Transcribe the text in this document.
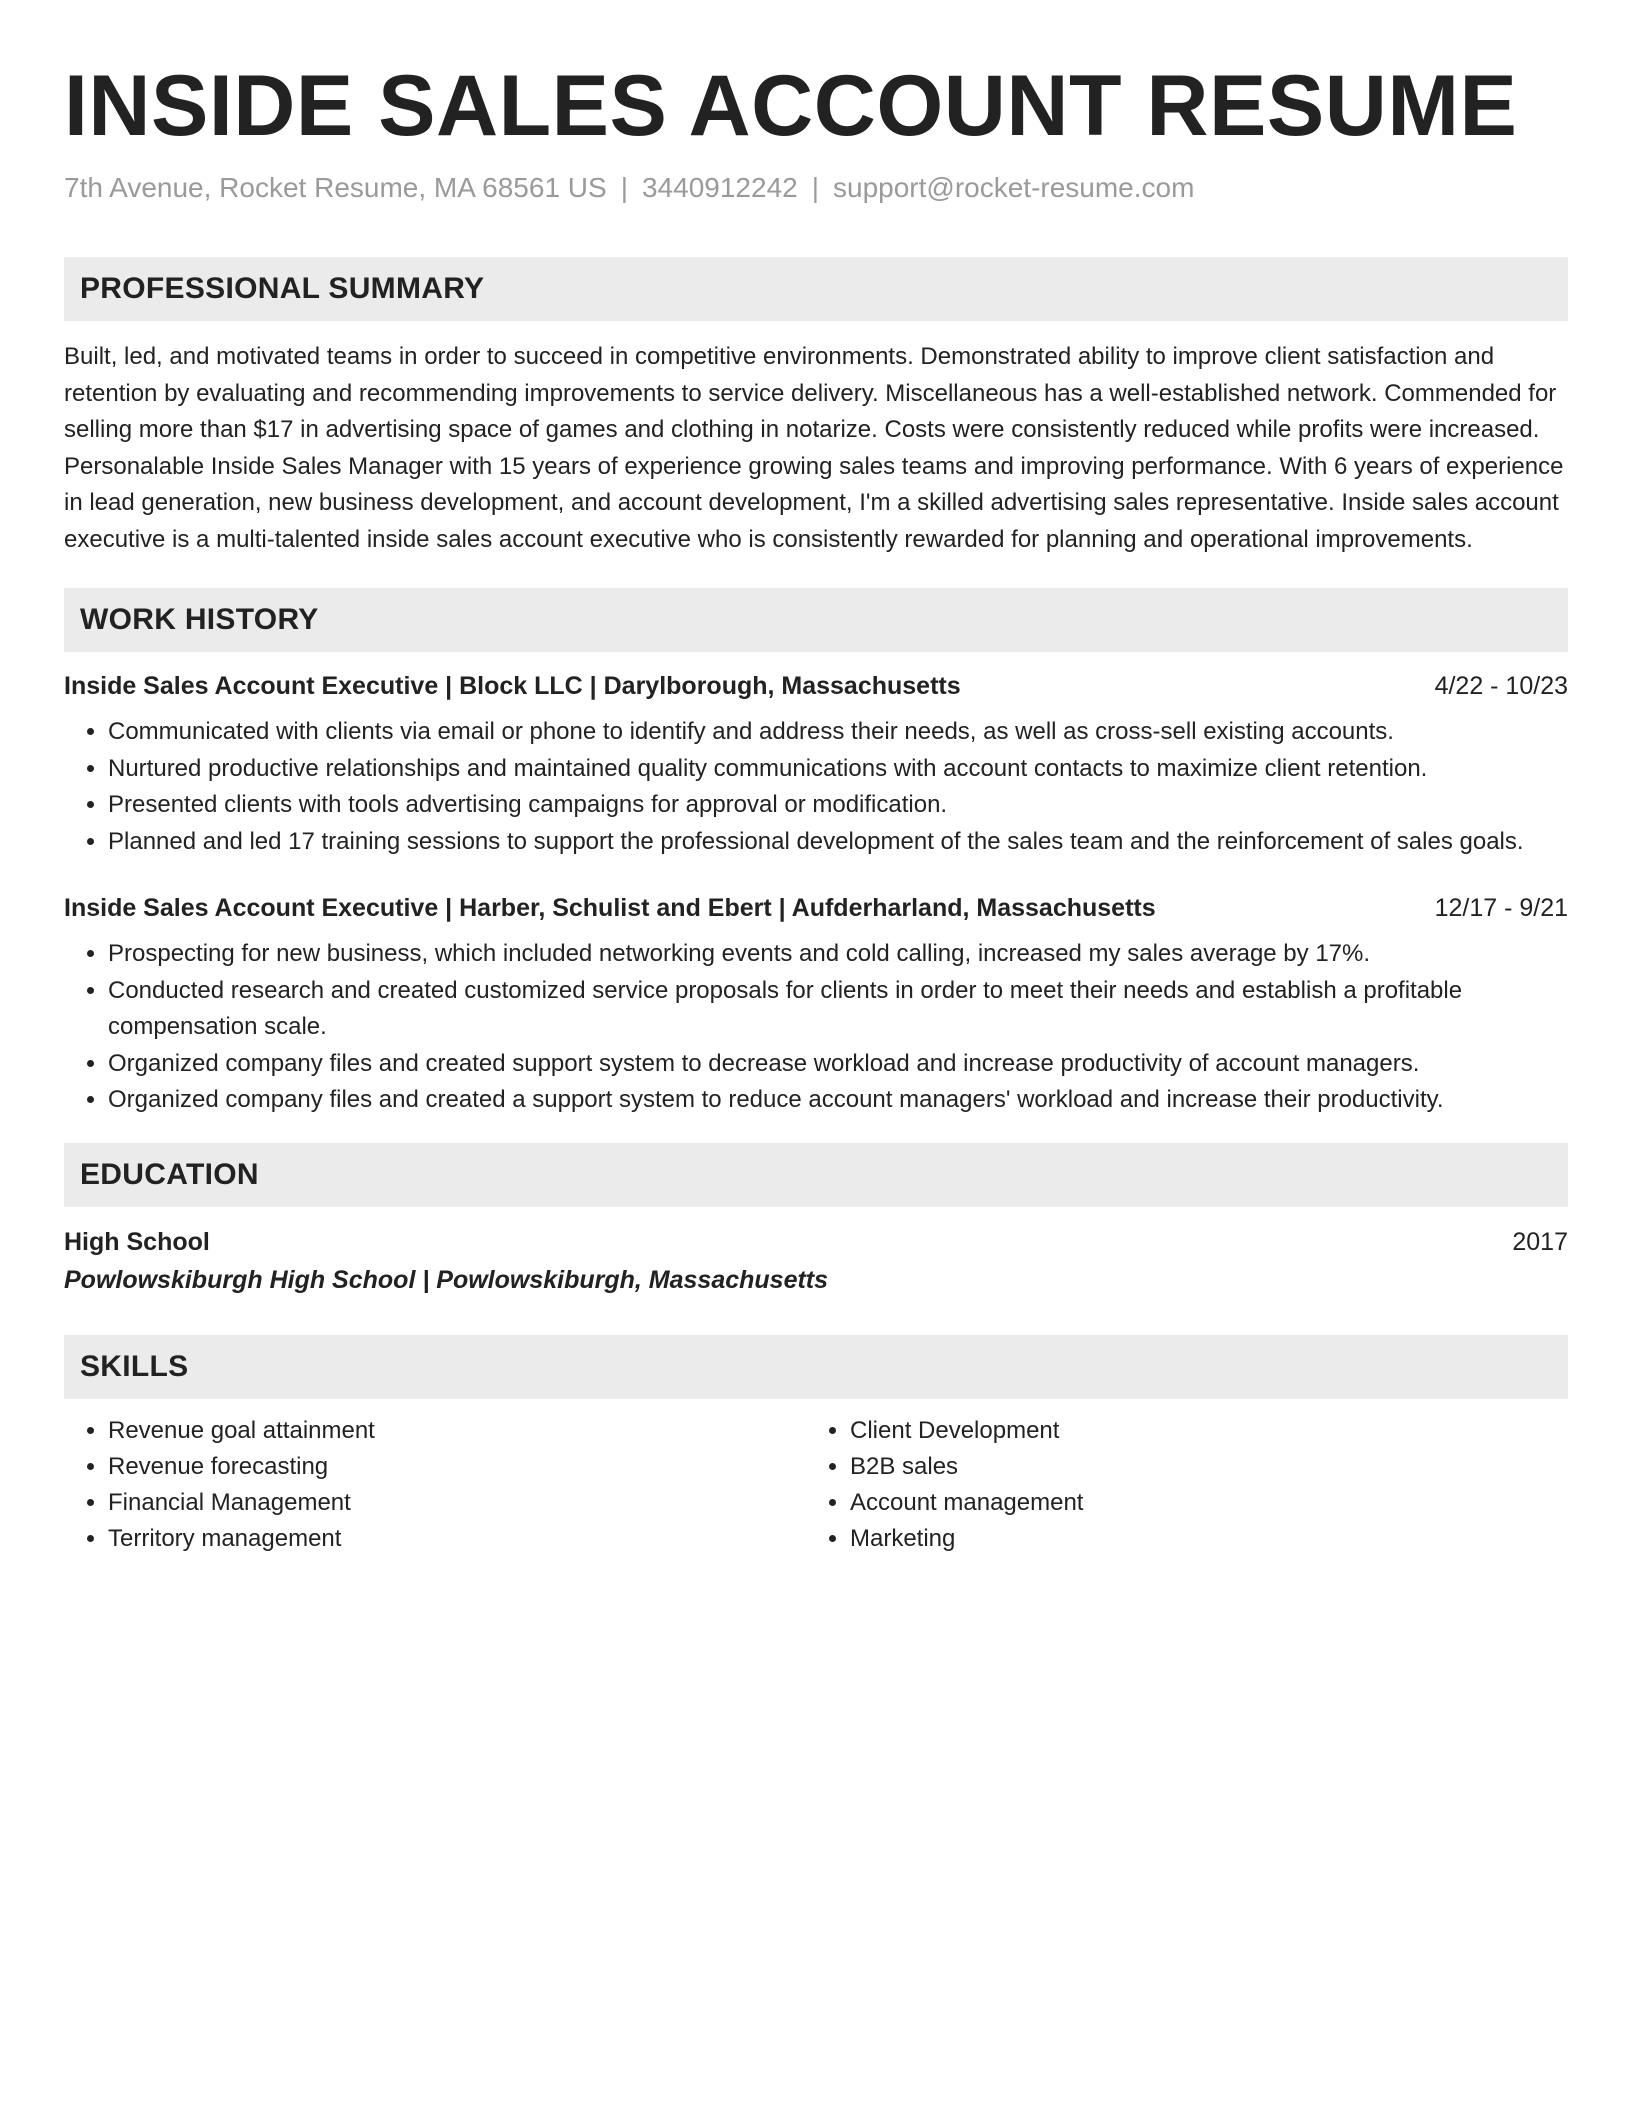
INSIDE SALES ACCOUNT RESUME
7th Avenue, Rocket Resume, MA 68561 US | 3440912242 | support@rocket-resume.com
PROFESSIONAL SUMMARY

Built, led, and motivated teams in order to succeed in competitive environments. Demonstrated ability to improve client satisfaction and retention by evaluating and recommending improvements to service delivery. Miscellaneous has a well-established network. Commended for selling more than $17 in advertising space of games and clothing in notarize. Costs were consistently reduced while profits were increased. Personalable Inside Sales Manager with 15 years of experience growing sales teams and improving performance. With 6 years of experience in lead generation, new business development, and account development, I'm a skilled advertising sales representative. Inside sales account executive is a multi-talented inside sales account executive who is consistently rewarded for planning and operational improvements.

WORK HISTORY
Inside Sales Account Executive | Block LLC | Darylborough, Massachusetts	4/22 - 10/23
• Communicated with clients via email or phone to identify and address their needs, as well as cross-sell existing accounts.
• Nurtured productive relationships and maintained quality communications with account contacts to maximize client retention.
• Presented clients with tools advertising campaigns for approval or modification.
• Planned and led 17 training sessions to support the professional development of the sales team and the reinforcement of sales goals.
Inside Sales Account Executive | Harber, Schulist and Ebert | Aufderharland, Massachusetts	12/17 - 9/21
• Prospecting for new business, which included networking events and cold calling, increased my sales average by 17%.
• Conducted research and created customized service proposals for clients in order to meet their needs and establish a profitable compensation scale.
• Organized company files and created support system to decrease workload and increase productivity of account managers.
• Organized company files and created a support system to reduce account managers' workload and increase their productivity.
EDUCATION
High School	2017
Powlowskiburgh High School | Powlowskiburgh, Massachusetts
SKILLS
• Revenue goal attainment
• Revenue forecasting
• Financial Management
• Territory management
• Client Development
• B2B sales
• Account management
• Marketing
